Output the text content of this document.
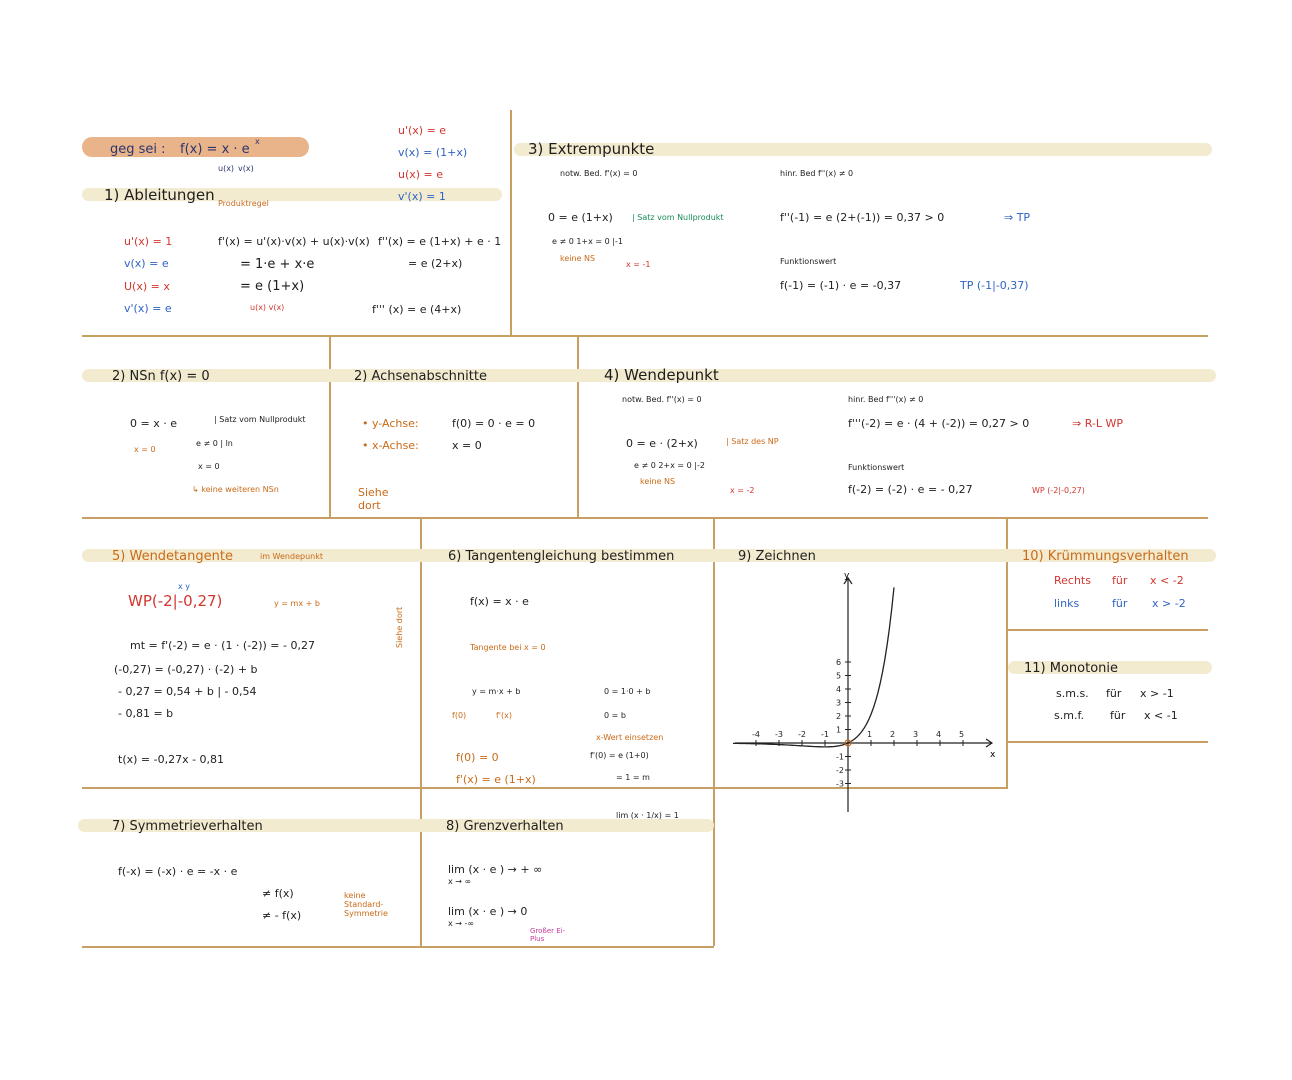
geg sei : f(x) = x · e
x
u(x) v(x)
u'(x) = e
v(x) = (1+x)
u(x) = e
v'(x) = 1
1) Ableitungen Produktregel
u'(x) = 1
v(x) = e
U(x) = x
v'(x) = e
f'(x) = u'(x)·v(x) + u(x)·v(x)
= 1·e + x·e
= e (1+x)
u(x) v(x)
f''(x) = e (1+x) + e · 1
= e (2+x)
f''' (x) = e (4+x)
3) Extrempunkte
notw. Bed. f'(x) = 0	hinr. Bed f''(x) ≠ 0
0 = e (1+x) | Satz vom Nullprodukt
e ≠ 0 1+x = 0 |-1
keine NS
x = -1
f''(-1) = e (2+(-1)) = 0,37 > 0	⇒ TP
Funktionswert
f(-1) = (-1) · e = -0,37	TP (-1|-0,37)
2) NSn f(x) = 0
0 = x · e	| Satz vom Nullprodukt
e ≠ 0 | ln
x = 0
x = 0
↳ keine weiteren NSn
2) Achsenabschnitte
• y-Achse:
• x-Achse:
f(0) = 0 · e = 0
x = 0
Siehe dort
4) Wendepunkt
notw. Bed. f''(x) = 0	hinr. Bed f'''(x) ≠ 0
f'''(-2) = e · (4 + (-2)) = 0,27 > 0	⇒ R-L WP
0 = e · (2+x)	| Satz des NP
e ≠ 0 2+x = 0 |-2
keine NS
x = -2
Funktionswert
f(-2) = (-2) · e = - 0,27	WP (-2|-0,27)
5) Wendetangente	im Wendepunkt
x y
WP(-2|-0,27)	y = mx + b
mt = f'(-2) = e · (1 · (-2)) = - 0,27
(-0,27) = (-0,27) · (-2) + b
- 0,27 = 0,54 + b | - 0,54
- 0,81 = b
t(x) = -0,27x - 0,81
6) Tangentengleichung bestimmen
Siehe dort
f(x) = x · e
Tangente bei x = 0
y = m·x + b
f(0)	f'(x)
f(0) = 0
f'(x) = e (1+x)
0 = 1·0 + b
0 = b
x-Wert einsetzen
f'(0) = e (1+0)
= 1 = m
9) Zeichnen	10) Krümmungsverhalten
Rechts für x < -2
links	für x > -2
11) Monotonie
s.m.s. für x > -1
s.m.f. für x < -1
7) Symmetrieverhalten
f(-x) = (-x) · e = -x · e
≠ f(x)
≠ - f(x)
keine Standard- Symmetrie
8) Grenzverhalten
lim (x · 1/x) = 1
lim (x · e ) → + ∞
x → ∞
lim (x · e ) → 0
x → -∞
Großer Ei-Plus
6
5
4
3
2
1
-1
-2
-3
-4 -3 -2 -1	1 2 3 4 5
y
x
